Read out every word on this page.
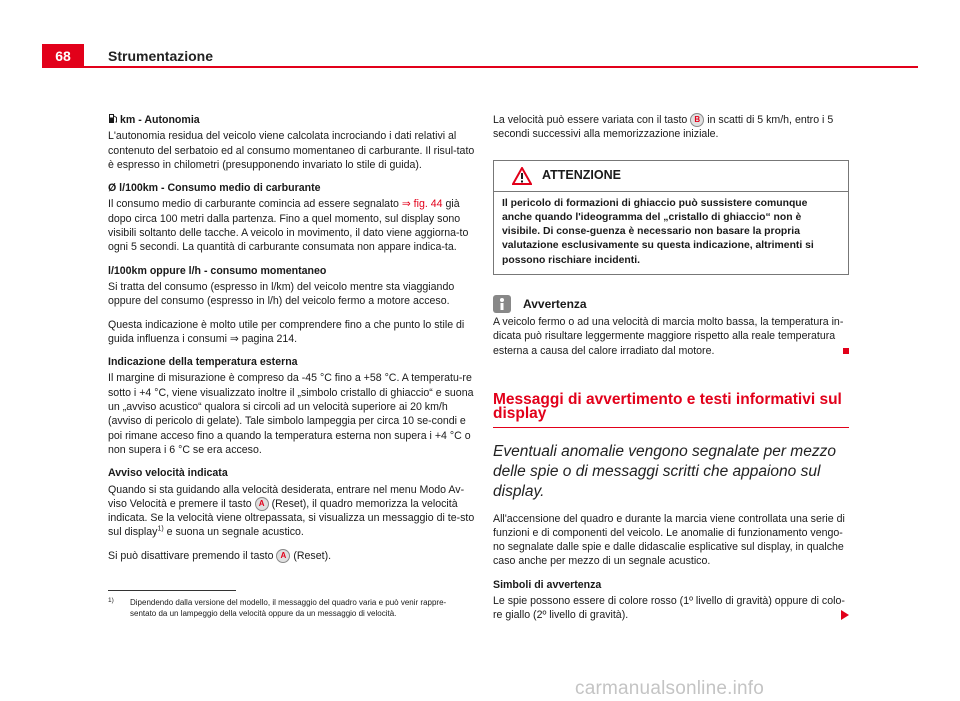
68	Strumentazione

km - Autonomia

L'autonomia residua del veicolo viene calcolata incrociando i dati relativi al contenuto del serbatoio ed al consumo momentaneo di carburante. Il risul-tato è espresso in chilometri (presupponendo invariato lo stile di guida).

Ø l/100km - Consumo medio di carburante

Il consumo medio di carburante comincia ad essere segnalato ⇒ fig. 44 già dopo circa 100 metri dalla partenza. Fino a quel momento, sul display sono visibili soltanto delle tacche. A veicolo in movimento, il dato viene aggiorna-to ogni 5 secondi. La quantità di carburante consumata non appare indica-ta.

l/100km oppure l/h - consumo momentaneo

Si tratta del consumo (espresso in l/km) del veicolo mentre sta viaggiando oppure del consumo (espresso in l/h) del veicolo fermo a motore acceso.

Questa indicazione è molto utile per comprendere fino a che punto lo stile di guida influenza i consumi ⇒ pagina 214.

Indicazione della temperatura esterna

Il margine di misurazione è compreso da -45 °C fino a +58 °C. A temperatu-re sotto i +4 °C, viene visualizzato inoltre il „simbolo cristallo di ghiaccio“ e suona un „avviso acustico“ qualora si circoli ad un velocità superiore ai 20 km/h (avviso di pericolo di gelate). Tale simbolo lampeggia per circa 10 se-condi e poi rimane acceso fino a quando la temperatura esterna non supera i +4 °C o non supera i 6 °C se era acceso.

Avviso velocità indicata

Quando si sta guidando alla velocità desiderata, entrare nel menu Modo Av-viso Velocità e premere il tasto A (Reset), il quadro memorizza la velocità indicata. Se la velocità viene oltrepassata, si visualizza un messaggio di te-sto sul display$^{1)}$ e suona un segnale acustico.

Si può disattivare premendo il tasto A (Reset).

La velocità può essere variata con il tasto B in scatti di 5 km/h, entro i 5 secondi successivi alla memorizzazione iniziale.

ATTENZIONE
Il pericolo di formazioni di ghiaccio può sussistere comunque anche quando l'ideogramma del „cristallo di ghiaccio“ non è visibile. Di conse-guenza è necessario non basare la propria valutazione esclusivamente su questa indicazione, altrimenti si possono rischiare incidenti.
Avvertenza

A veicolo fermo o ad una velocità di marcia molto bassa, la temperatura in-dicata può risultare leggermente maggiore rispetto alla reale temperatura esterna a causa del calore irradiato dal motore.

Messaggi di avvertimento e testi informativi sul display
Eventuali anomalie vengono segnalate per mezzo delle spie o di messaggi scritti che appaiono sul display.

All'accensione del quadro e durante la marcia viene controllata una serie di funzioni e di componenti del veicolo. Le anomalie di funzionamento vengo-no segnalate dalle spie e dalle didascalie esplicative sul display, in qualche caso anche per mezzo di un segnale acustico.

Simboli di avvertenza

Le spie possono essere di colore rosso (1º livello di gravità) oppure di colo-re giallo (2º livello di gravità).

1)	Dipendendo dalla versione del modello, il messaggio del quadro varia e può venir rappre-sentato da un lampeggio della velocità oppure da un messaggio di velocità.
carmanualsonline.info
